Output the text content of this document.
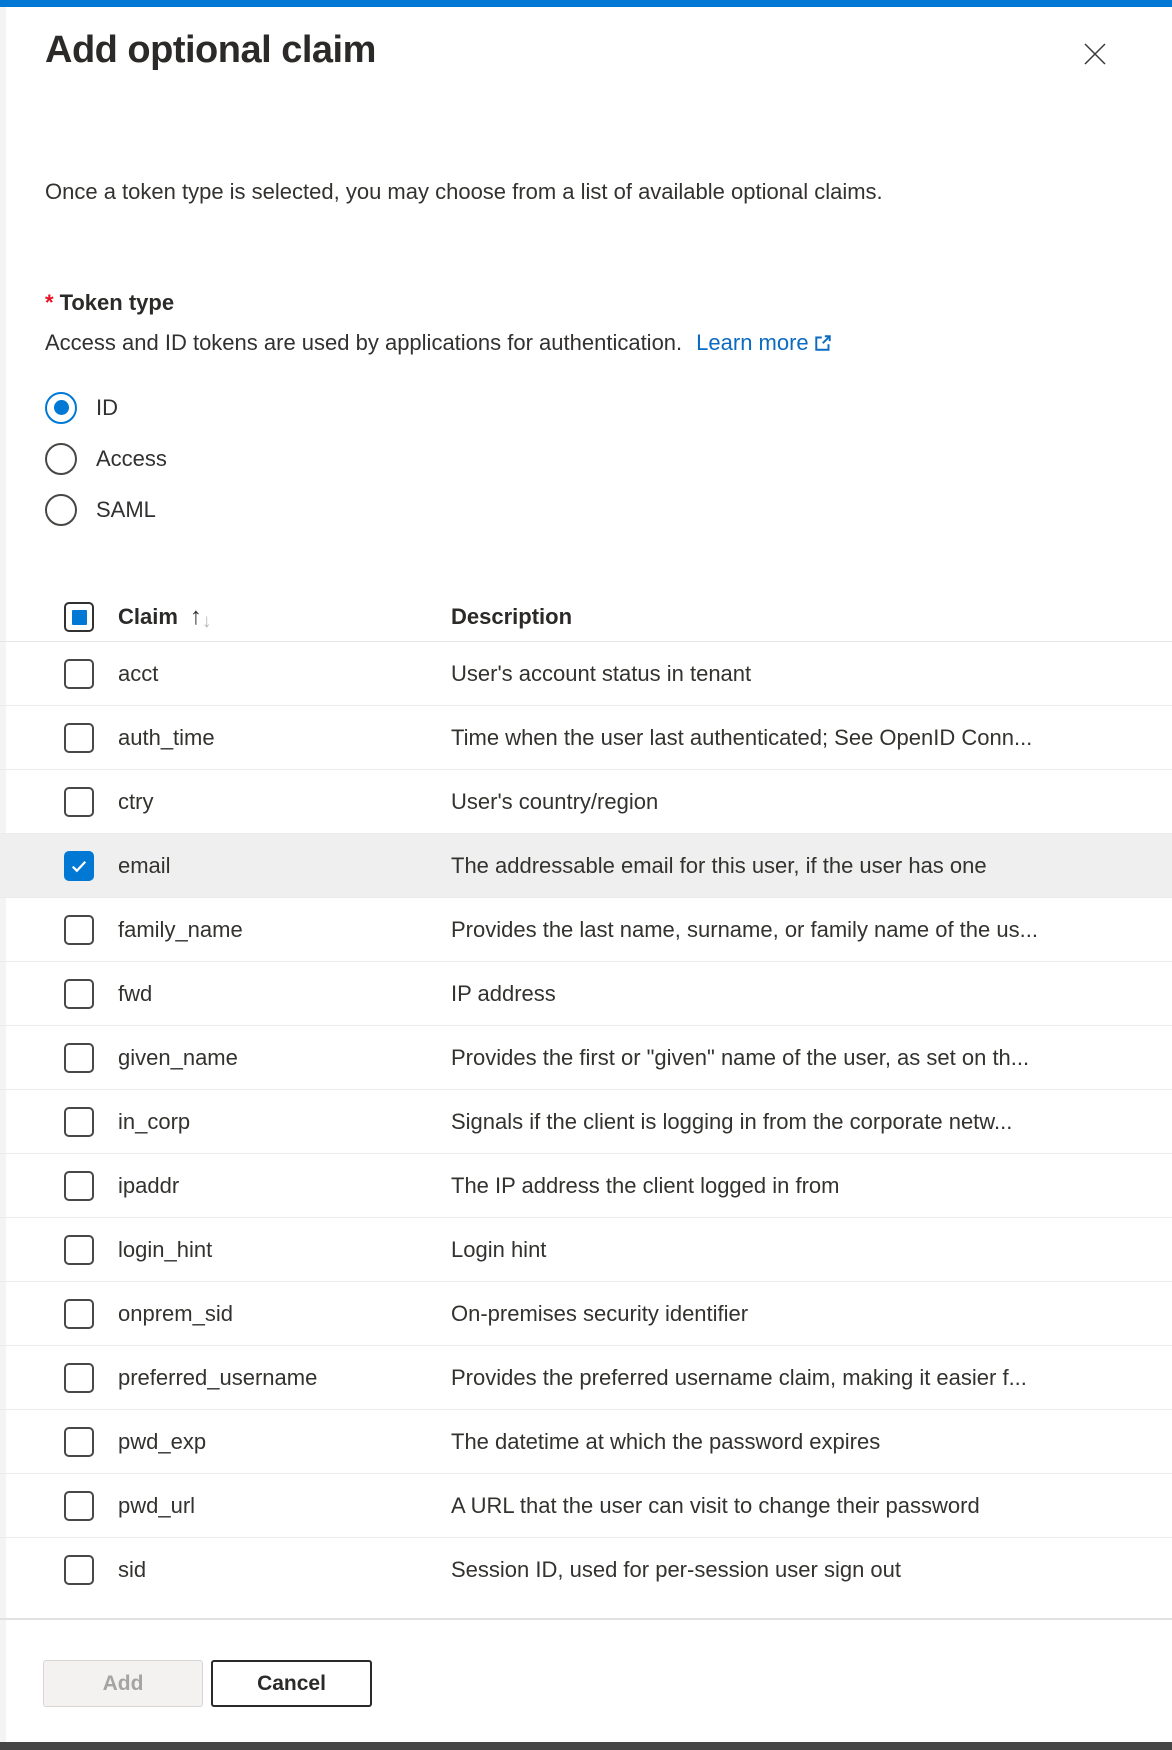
Add optional claim

Once a token type is selected, you may choose from a list of available optional claims.

* Token type
Access and ID tokens are used by applications for authentication. Learn more
ID
Access
SAML
Claim ↑ ↓	Description
acct	User's account status in tenant
auth_time	Time when the user last authenticated; See OpenID Conn...
ctry	User's country/region
email	The addressable email for this user, if the user has one
family_name	Provides the last name, surname, or family name of the us...
fwd	IP address
given_name	Provides the first or "given" name of the user, as set on th...
in_corp	Signals if the client is logging in from the corporate netw...
ipaddr	The IP address the client logged in from
login_hint	Login hint
onprem_sid	On-premises security identifier
preferred_username	Provides the preferred username claim, making it easier f...
pwd_exp	The datetime at which the password expires
pwd_url	A URL that the user can visit to change their password
sid	Session ID, used for per-session user sign out
Add	Cancel
